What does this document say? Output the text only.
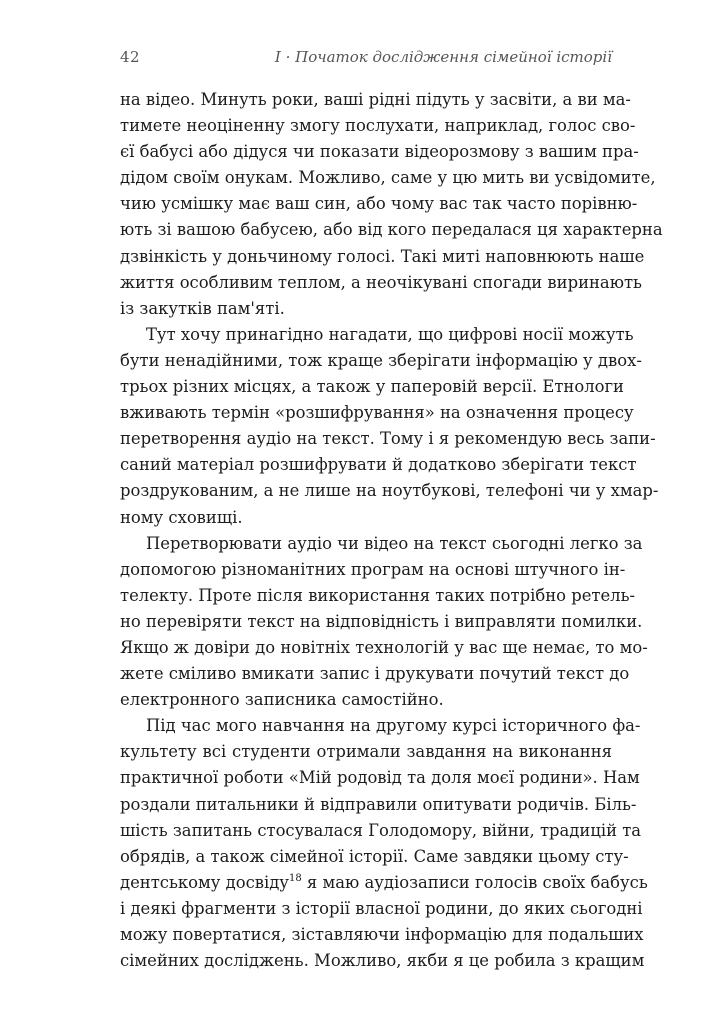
42	I · Початок дослідження сімейної історії
на відео. Минуть роки, ваші рідні підуть у засвіти, а ви ма-
тимете неоціненну змогу послухати, наприклад, голос сво-
єї бабусі або дідуся чи показати відеорозмову з вашим пра-
дідом своїм онукам. Можливо, саме у цю мить ви усвідомите,
чию усмішку має ваш син, або чому вас так часто порівню-
ють зі вашою бабусею, або від кого передалася ця характерна
дзвінкість у доньчиному голосі. Такі миті наповнюють наше
життя особливим теплом, а неочікувані спогади виринають
із закутків пам'яті.
Тут хочу принагідно нагадати, що цифрові носії можуть
бути ненадійними, тож краще зберігати інформацію у двох-
трьох різних місцях, а також у паперовій версії. Етнологи
вживають термін «розшифрування» на означення процесу
перетворення аудіо на текст. Тому і я рекомендую весь запи-
саний матеріал розшифрувати й додатково зберігати текст
роздрукованим, а не лише на ноутбукові, телефоні чи у хмар-
ному сховищі.
Перетворювати аудіо чи відео на текст сьогодні легко за
допомогою різноманітних програм на основі штучного ін-
телекту. Проте після використання таких потрібно ретель-
но перевіряти текст на відповідність і виправляти помилки.
Якщо ж довіри до новітніх технологій у вас ще немає, то мо-
жете сміливо вмикати запис і друкувати почутий текст до
електронного записника самостійно.
Під час мого навчання на другому курсі історичного фа-
культету всі студенти отримали завдання на виконання
практичної роботи «Мій родовід та доля моєї родини». Нам
роздали питальники й відправили опитувати родичів. Біль-
шість запитань стосувалася Голодомору, війни, традицій та
обрядів, а також сімейної історії. Саме завдяки цьому сту-
дентському досвіду$^{18}$ я маю аудіозаписи голосів своїх бабусь
і деякі фрагменти з історії власної родини, до яких сьогодні
можу повертатися, зіставляючи інформацію для подальших
сімейних досліджень. Можливо, якби я це робила з кращим
